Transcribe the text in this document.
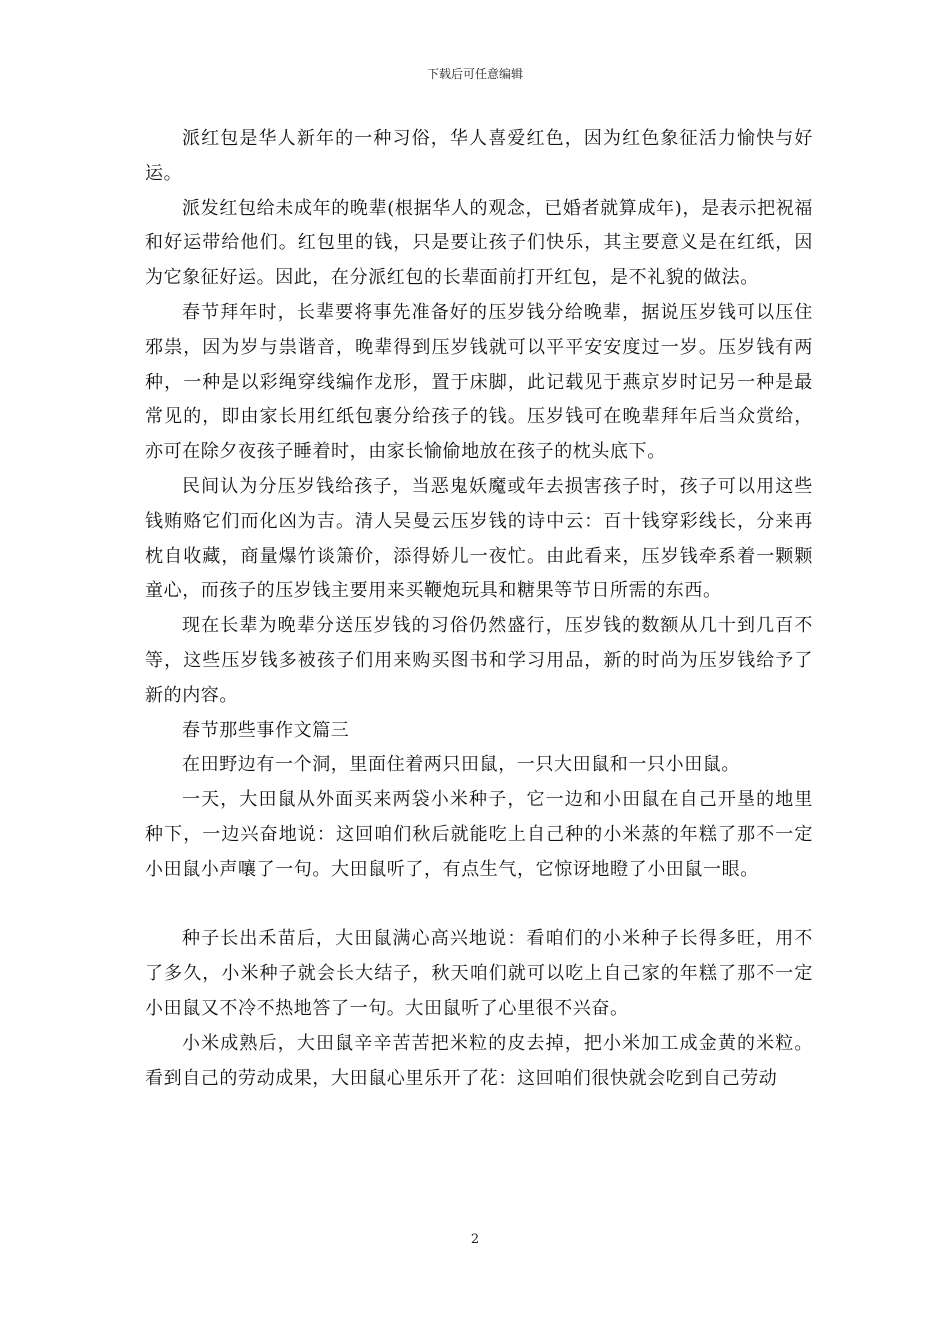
下载后可任意编辑

派红包是华人新年的一种习俗，华人喜爱红色，因为红色象征活力愉快与好运。

派发红包给未成年的晚辈(根据华人的观念，已婚者就算成年)，是表示把祝福和好运带给他们。红包里的钱，只是要让孩子们快乐，其主要意义是在红纸，因为它象征好运。因此，在分派红包的长辈面前打开红包，是不礼貌的做法。

春节拜年时，长辈要将事先准备好的压岁钱分给晚辈，据说压岁钱可以压住邪祟，因为岁与祟谐音，晚辈得到压岁钱就可以平平安安度过一岁。压岁钱有两种，一种是以彩绳穿线编作龙形，置于床脚，此记载见于燕京岁时记另一种是最常见的，即由家长用红纸包裹分给孩子的钱。压岁钱可在晚辈拜年后当众赏给，亦可在除夕夜孩子睡着时，由家长愉偷地放在孩子的枕头底下。

民间认为分压岁钱给孩子，当恶鬼妖魔或年去损害孩子时，孩子可以用这些钱贿赂它们而化凶为吉。清人吴曼云压岁钱的诗中云：百十钱穿彩线长，分来再枕自收藏，商量爆竹谈箫价，添得娇儿一夜忙。由此看来，压岁钱牵系着一颗颗童心，而孩子的压岁钱主要用来买鞭炮玩具和糖果等节日所需的东西。

现在长辈为晚辈分送压岁钱的习俗仍然盛行，压岁钱的数额从几十到几百不等，这些压岁钱多被孩子们用来购买图书和学习用品，新的时尚为压岁钱给予了新的内容。

春节那些事作文篇三

在田野边有一个洞，里面住着两只田鼠，一只大田鼠和一只小田鼠。

一天，大田鼠从外面买来两袋小米种子，它一边和小田鼠在自己开垦的地里种下，一边兴奋地说：这回咱们秋后就能吃上自己种的小米蒸的年糕了那不一定小田鼠小声嚷了一句。大田鼠听了，有点生气，它惊讶地瞪了小田鼠一眼。

种子长出禾苗后，大田鼠满心高兴地说：看咱们的小米种子长得多旺，用不了多久，小米种子就会长大结子，秋天咱们就可以吃上自己家的年糕了那不一定小田鼠又不冷不热地答了一句。大田鼠听了心里很不兴奋。

小米成熟后，大田鼠辛辛苦苦把米粒的皮去掉，把小米加工成金黄的米粒。看到自己的劳动成果，大田鼠心里乐开了花：这回咱们很快就会吃到自己劳动

2
